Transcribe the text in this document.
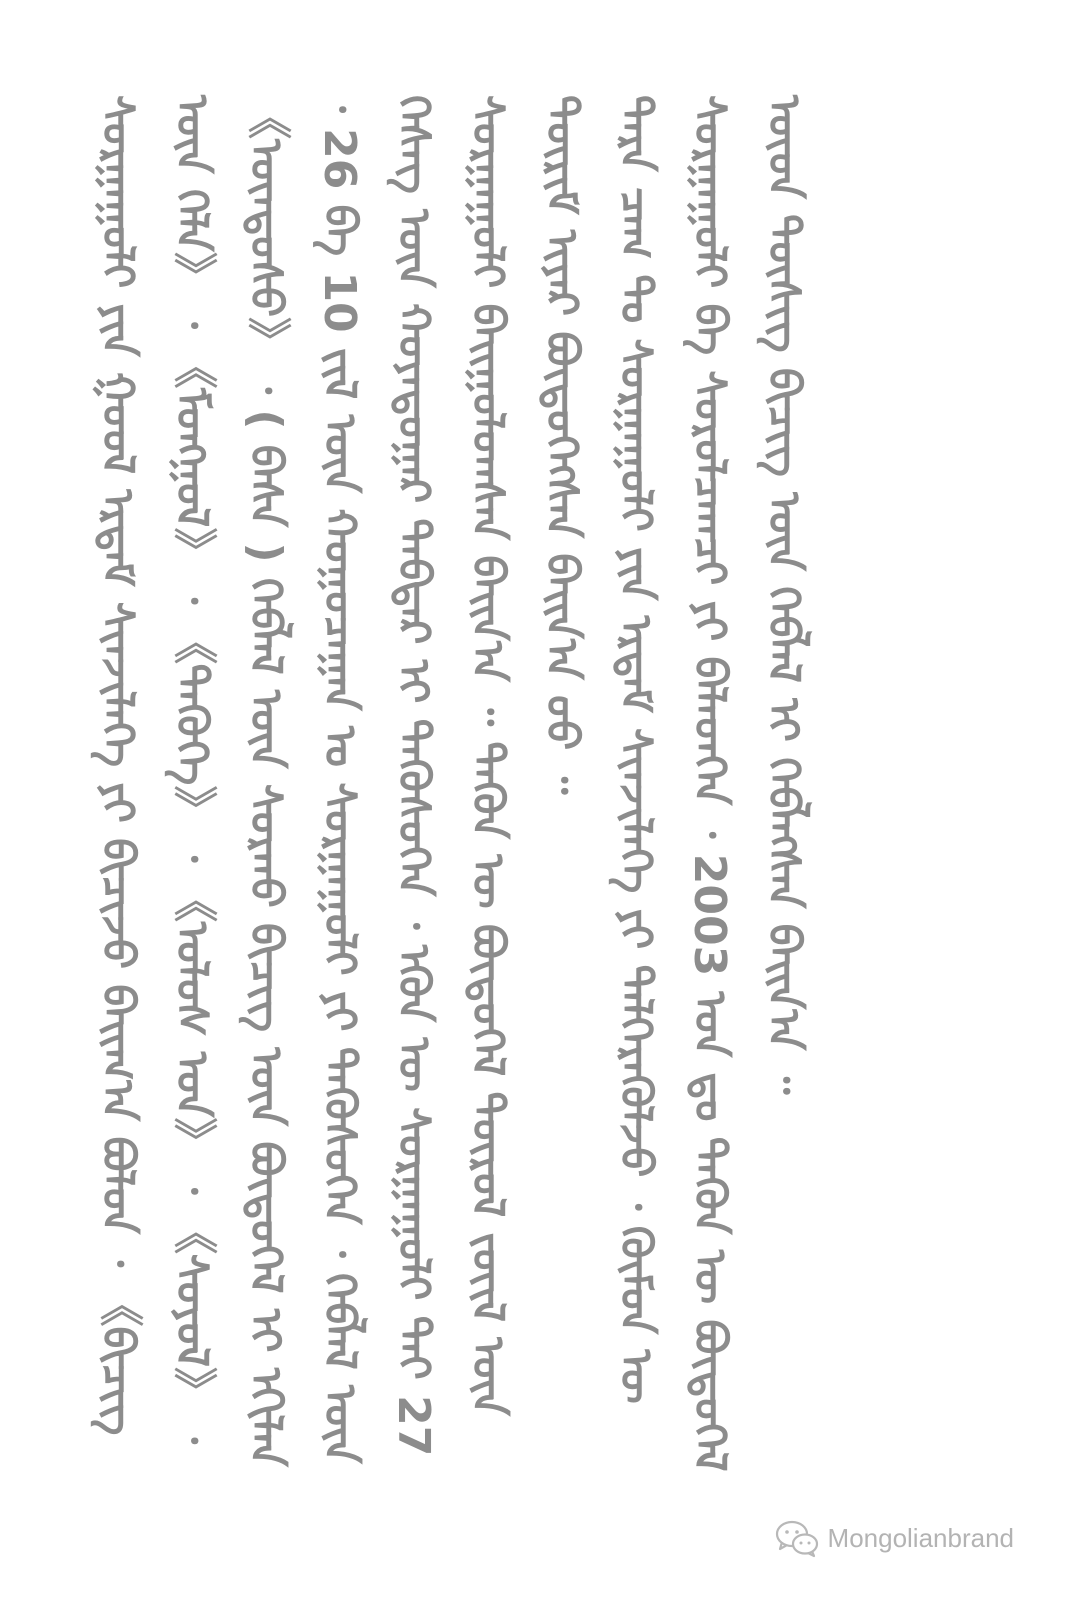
ᠰᠤᠷᠭᠠᠭᠤᠯᠢ ᠶᠢᠨ ᠭᠤᠤᠯ ᠡᠷᠳᠡᠮ ᠰᠢᠨᠵᠢᠯᠡᠭᠡ ᠶᠢ ᠪᠢᠴᠢᠵᠦ ᠪᠠᠢ᠌ᠭ᠎ᠠ ᠪᠣᠯᠣᠨ ᠂ 《ᠪᠢᠴᠢᠭ ᠦᠨ ᠬᠡᠯᠡ》 ᠂ 《ᠮᠣᠩᠭᠣᠯ》 ᠂ 《ᠲᠡᠭᠦᠬᠡ》 ᠂ 《ᠤᠯᠤᠰ ᠤᠨ》 ᠂ 《ᠰᠣᠶᠣᠯ》 ᠂ 《ᠦᠨᠳᠦᠰᠦ》 ᠂ ( ᠪᠠᠰᠠ ) ᠬᠡᠪᠯᠡᠯ ᠦᠨ ᠰᠤᠷᠬᠤ ᠪᠢᠴᠢᠭ ᠦᠨ ᠪᠦᠲᠦᠭᠡᠯ ᠢ ᠡᠬᠢᠯᠡᠨ ᠂ 26 ᠪᠠ 10 ᠵᠢᠯ ᠦᠨ ᠬᠤᠭᠤᠴᠠᠭᠠᠨ ᠤ ᠰᠤᠷᠭᠠᠭᠤᠯᠢ ᠶᠢ ᠲᠡᠭᠦᠰᠦᠭᠡᠨ ᠂ ᠬᠡᠪᠯᠡᠯ ᠦᠨ ᠬᠡᠰᠡᠭ ᠦᠨ ᠬᠣᠶᠠᠳᠤᠭᠠᠷ ᠳᠡᠪᠲᠡᠷ ᠢ ᠲᠡᠭᠦᠰᠦᠭᠡᠨ ᠂ ᠡᠭᠦᠨ ᠦ ᠰᠤᠷᠭᠠᠭᠤᠯᠢ ᠲᠠᠢ 27 ᠰᠤᠷᠭᠠᠭᠤᠯᠢ ᠪᠠᠢ᠌ᠭᠤᠯᠤᠭᠰᠠᠨ ᠪᠠᠢ᠌ᠨ᠎ᠠ ᠃ ᠲᠡᠭᠦᠨ ᠦ ᠪᠦᠲᠦᠭᠡᠯ ᠲᠦᠷᠦᠯ ᠵᠦᠢᠯ ᠦᠨ ᠳᠦᠷᠢᠮ ᠢᠶᠠᠷ ᠪᠦᠲᠦᠭᠡᠭᠰᠡᠨ ᠪᠠᠢ᠌ᠨ᠎ᠠ ᠦᠦ ᠃ ᠲᠡᠷᠡ ᠴᠠᠭ ᠲᠤ ᠰᠤᠷᠭᠠᠭᠤᠯᠢ ᠶᠢᠨ ᠡᠷᠳᠡᠮ ᠰᠢᠨᠵᠢᠯᠡᠭᠡ ᠶᠢ ᠳᠡᠯᠭᠡᠷᠡᠭᠦᠯᠵᠦ ᠂ ᠬᠦᠮᠦᠨ ᠦ ᠰᠤᠷᠭᠠᠭᠤᠯᠢ ᠪᠠ ᠰᠤᠷᠤᠯᠴᠠᠭᠴᠢ ᠶᠢ ᠪᠡᠯᠡᠳᠬᠡᠨ ᠂ 2003 ᠣᠨ ᠳᠤ ᠲᠡᠭᠦᠨ ᠦ ᠪᠦᠲᠦᠭᠡᠯ ᠦᠳ ᠲᠦᠰᠢᠭ ᠪᠢᠴᠢᠭ ᠦᠨ ᠬᠡᠪᠯᠡᠯ ᠢ ᠬᠡᠪᠯᠡᠭᠰᠡᠨ ᠪᠠᠢ᠌ᠨ᠎ᠠ ᠃

Mongolianbrand
